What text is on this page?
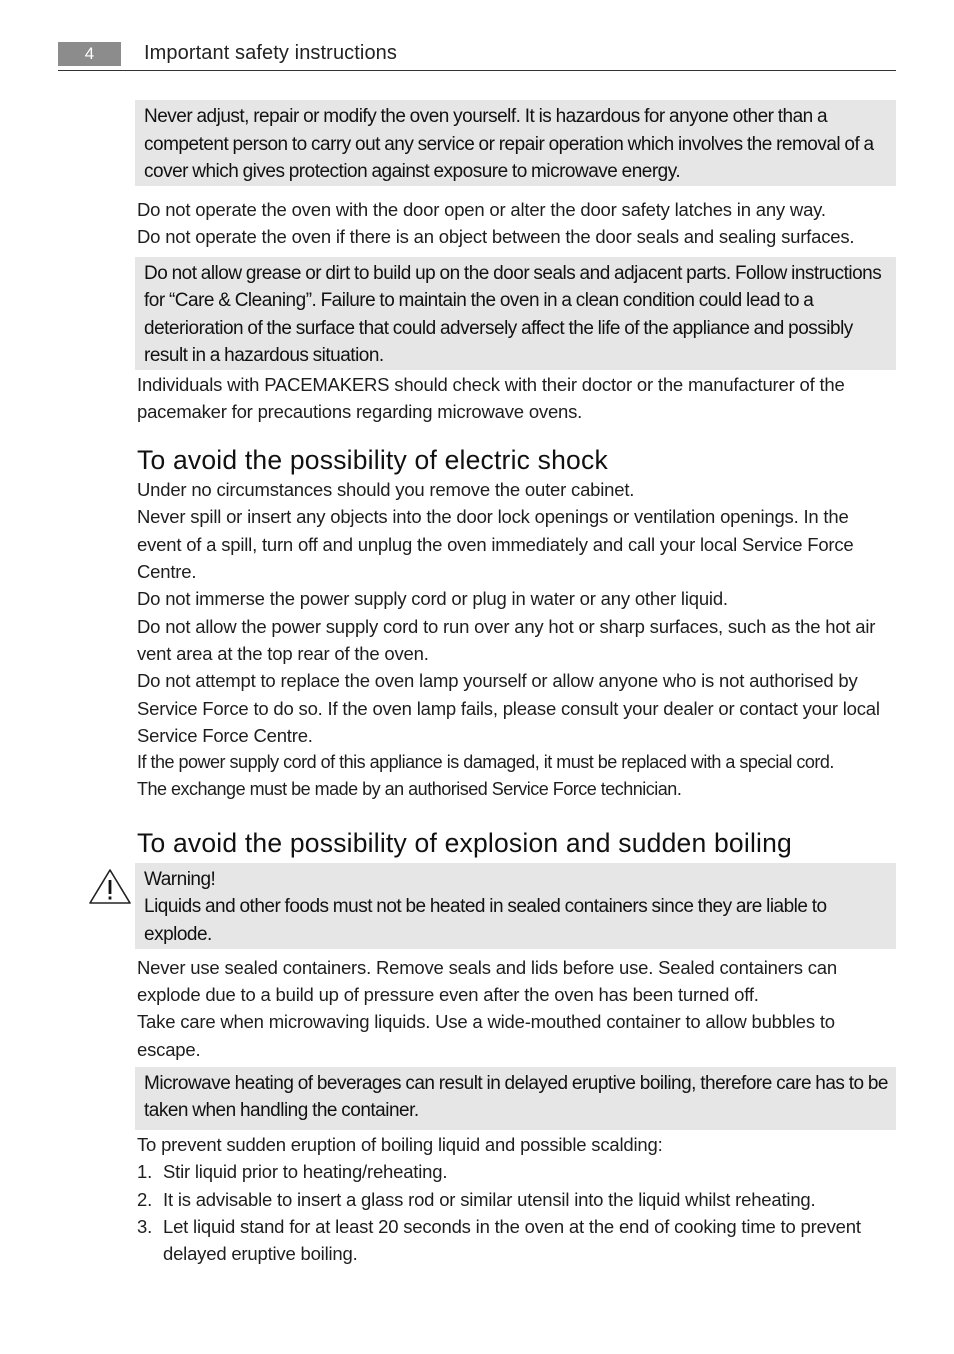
4	Important safety instructions

Never adjust, repair or modify the oven yourself. It is hazardous for anyone other than a competent person to carry out any service or repair operation which involves the removal of a cover which gives protection against exposure to microwave energy.

Do not operate the oven with the door open or alter the door safety latches in any way.

Do not operate the oven if there is an object between the door seals and sealing surfaces.

Do not allow grease or dirt to build up on the door seals and adjacent parts. Follow instructions for “Care & Cleaning”. Failure to maintain the oven in a clean condition could lead to a deterioration of the surface that could adversely affect the life of the appliance and possibly result in a hazardous situation.

Individuals with PACEMAKERS should check with their doctor or the manufacturer of the pacemaker for precautions regarding microwave ovens.

To avoid the possibility of electric shock

Under no circumstances should you remove the outer cabinet.

Never spill or insert any objects into the door lock openings or ventilation openings. In the event of a spill, turn off and unplug the oven immediately and call your local Service Force Centre.

Do not immerse the power supply cord or plug in water or any other liquid.

Do not allow the power supply cord to run over any hot or sharp surfaces, such as the hot air vent area at the top rear of the oven.

Do not attempt to replace the oven lamp yourself or allow anyone who is not authorised by Service Force to do so. If the oven lamp fails, please consult your dealer or contact your local Service Force Centre.

If the power supply cord of this appliance is damaged, it must be replaced with a special cord.

The exchange must be made by an authorised Service Force technician.

To avoid the possibility of explosion and sudden boiling

Warning!

Liquids and other foods must not be heated in sealed containers since they are liable to explode.

Never use sealed containers. Remove seals and lids before use. Sealed containers can explode due to a build up of pressure even after the oven has been turned off.

Take care when microwaving liquids. Use a wide-mouthed container to allow bubbles to escape.

Microwave heating of beverages can result in delayed eruptive boiling, therefore care has to be taken when handling the container.

To prevent sudden eruption of boiling liquid and possible scalding:

1. Stir liquid prior to heating/reheating.
2. It is advisable to insert a glass rod or similar utensil into the liquid whilst reheating.
3. Let liquid stand for at least 20 seconds in the oven at the end of cooking time to prevent delayed eruptive boiling.
